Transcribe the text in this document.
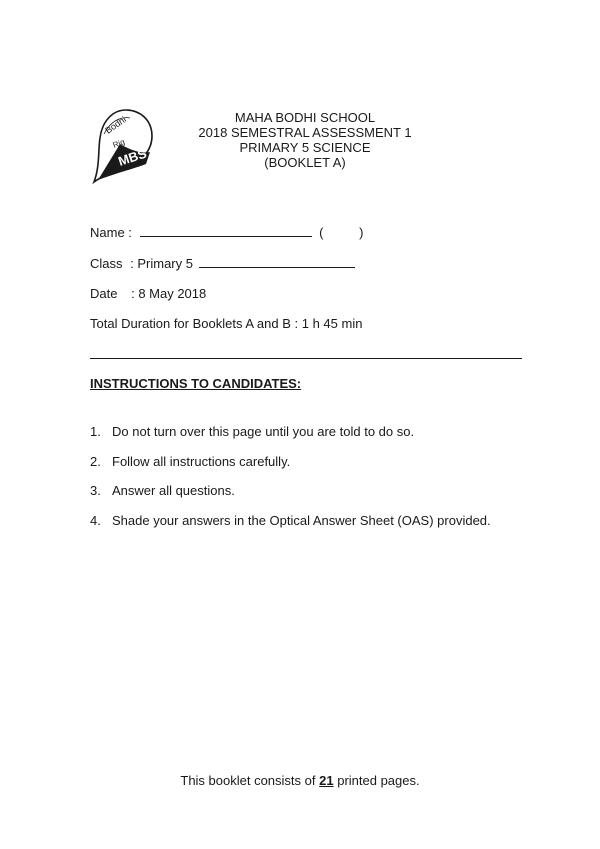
Bodhi
Rig
MBS
MAHA BODHI SCHOOL
2018 SEMESTRAL ASSESSMENT 1
PRIMARY 5 SCIENCE
(BOOKLET A)
Name :	(	)
Class : Primary 5
Date : 8 May 2018
Total Duration for Booklets A and B : 1 h 45 min
INSTRUCTIONS TO CANDIDATES:
1. Do not turn over this page until you are told to do so.
2. Follow all instructions carefully.
3. Answer all questions.
4. Shade your answers in the Optical Answer Sheet (OAS) provided.
This booklet consists of 21 printed pages.
